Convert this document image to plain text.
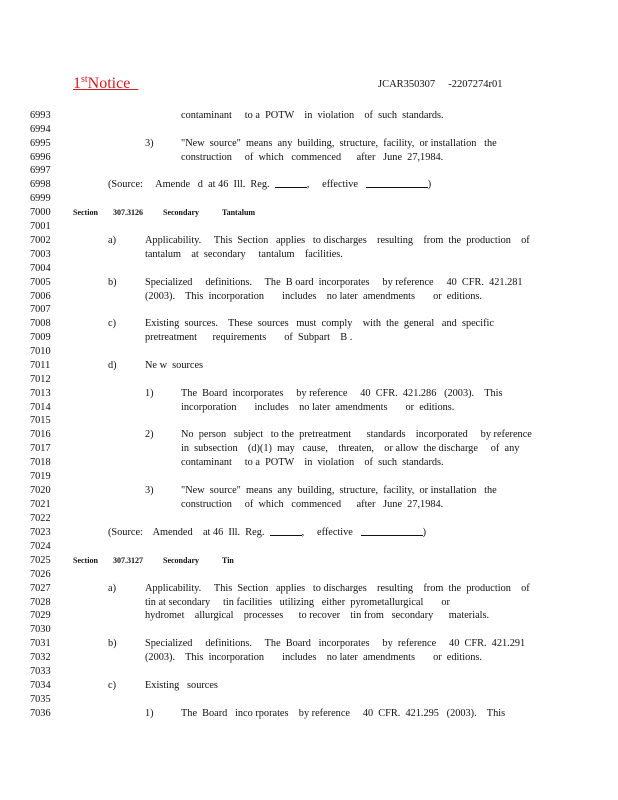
1stNotice	JCAR350307     -2207274r01
6993	contaminant     to a  POTW    in  violation    of  such  standards.
6994
6995	3)	"New  source"  means  any  building,  structure,  facility,  or installation   the
6996	construction     of  which   commenced      after   June  27,1984.
6997
6998	(Source:     Amende   d  at 46  Ill.  Reg.	,     effective	)
6999
7000	Section 307.3126	Secondary	Tantalum
7001
7002	a)	Applicability.     This  Section   applies   to discharges    resulting    from  the  production    of
7003	tantalum    at  secondary     tantalum    facilities.
7004
7005	b)	Specialized     definitions.     The  B oard  incorporates     by reference     40  CFR.  421.281
7006	(2003).    This  incorporation       includes    no later  amendments       or  editions.
7007
7008	c)	Existing  sources.    These  sources   must  comply    with  the  general   and  specific
7009	pretreatment      requirements       of  Subpart    B .
7010
7011	d)	Ne w  sources
7012
7013	1)	The  Board  incorporates     by reference     40  CFR.  421.286   (2003).    This
7014	incorporation       includes    no later  amendments       or  editions.
7015
7016	2)	No  person   subject   to the  pretreatment      standards    incorporated     by reference
7017	in  subsection    (d)(1)  may   cause,    threaten,    or allow  the discharge     of  any
7018	contaminant     to a  POTW    in  violation    of  such  standards.
7019
7020	3)	"New  source"  means  any  building,  structure,  facility,  or installation   the
7021	construction     of  which   commenced      after   June  27,1984.
7022
7023	(Source:    Amended    at 46  Ill.  Reg.	,     effective	)
7024
7025	Section 307.3127	Secondary	Tin
7026
7027	a)	Applicability.     This  Section   applies   to discharges    resulting    from  the  production    of
7028	tin at secondary     tin facilities   utilizing   either  pyrometallurgical       or
7029	hydromet    allurgical    processes      to recover    tin from   secondary      materials.
7030
7031	b)	Specialized     definitions.     The  Board   incorporates     by  reference     40  CFR.  421.291
7032	(2003).    This  incorporation       includes    no later  amendments       or  editions.
7033
7034	c)	Existing   sources
7035
7036	1)	The  Board   inco rporates    by reference     40  CFR.  421.295   (2003).    This
